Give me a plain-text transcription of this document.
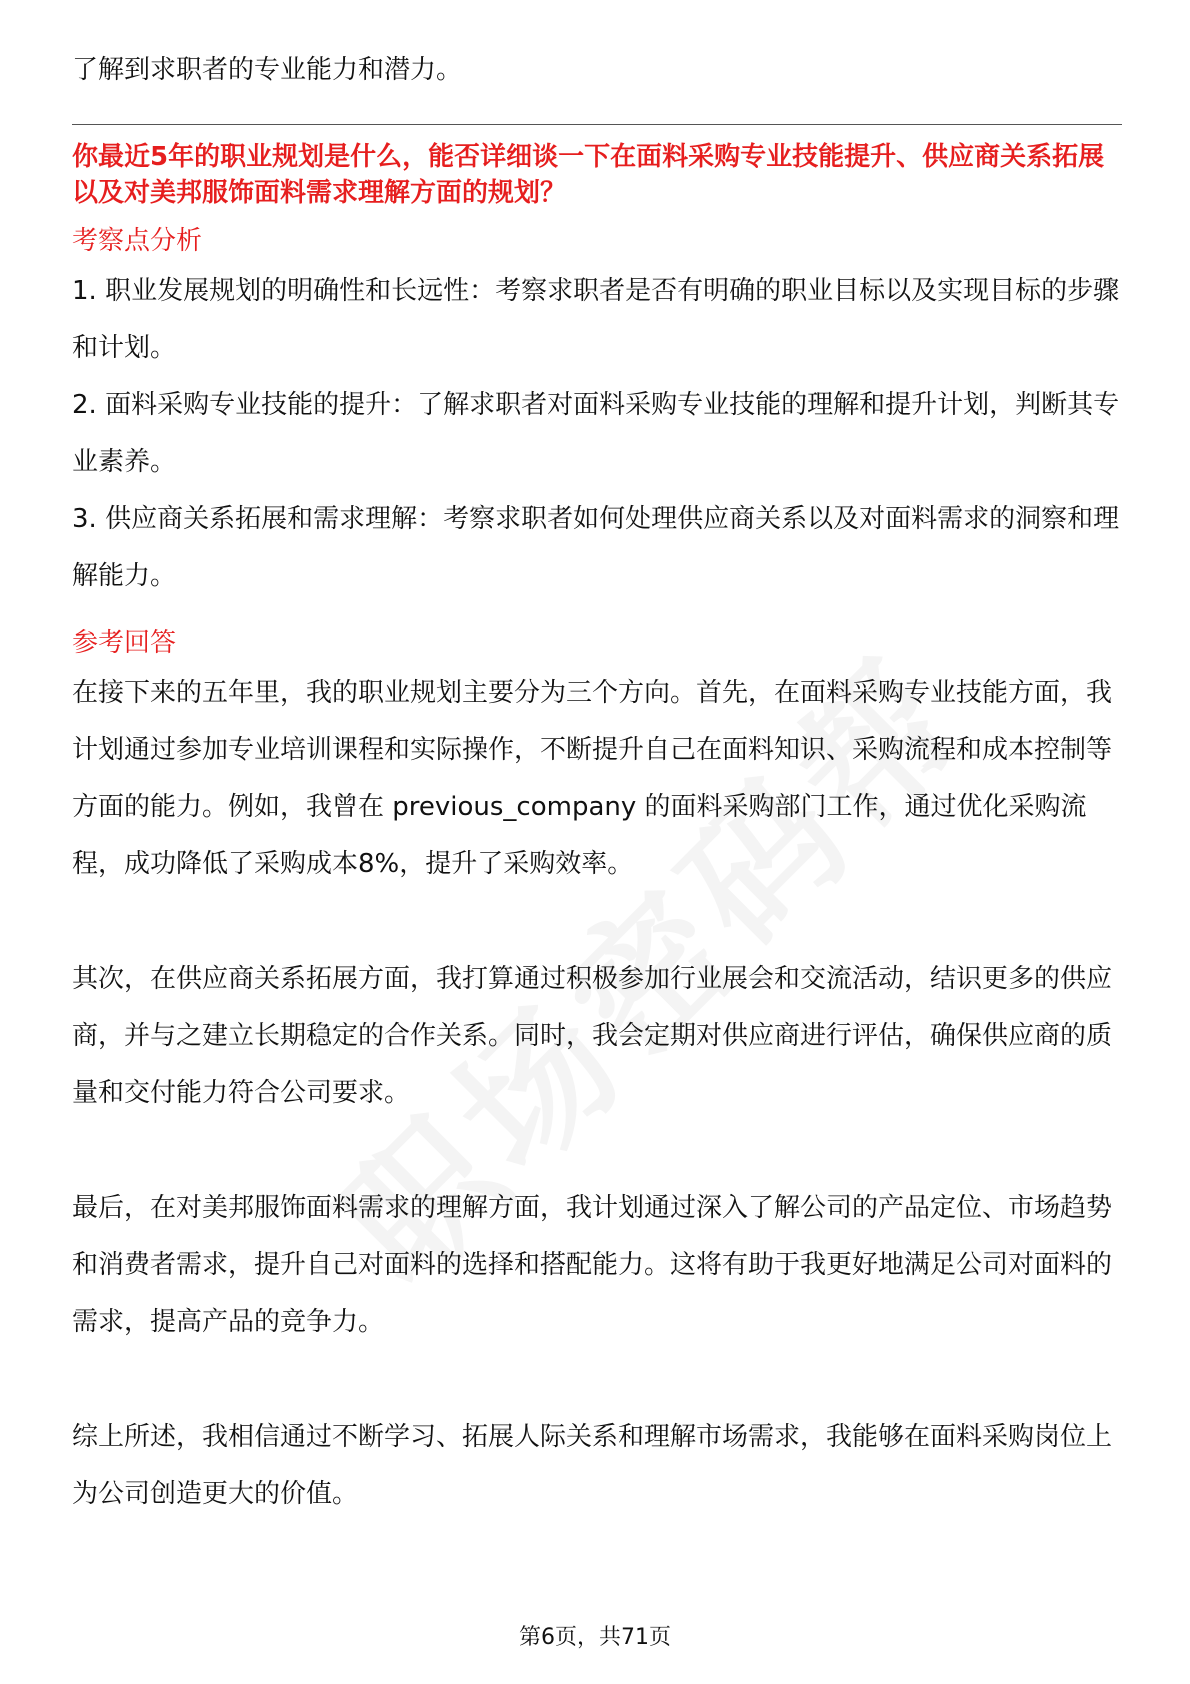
了解到求职者的专业能力和潜力。

你最近5年的职业规划是什么，能否详细谈一下在面料采购专业技能提升、供应商关系拓展以及对美邦服饰面料需求理解方面的规划？

考察点分析

1. 职业发展规划的明确性和长远性：考察求职者是否有明确的职业目标以及实现目标的步骤和计划。

2. 面料采购专业技能的提升：了解求职者对面料采购专业技能的理解和提升计划，判断其专业素养。

3. 供应商关系拓展和需求理解：考察求职者如何处理供应商关系以及对面料需求的洞察和理解能力。

参考回答

在接下来的五年里，我的职业规划主要分为三个方向。首先，在面料采购专业技能方面，我计划通过参加专业培训课程和实际操作，不断提升自己在面料知识、采购流程和成本控制等方面的能力。例如，我曾在 previous_company 的面料采购部门工作，通过优化采购流程，成功降低了采购成本8%，提升了采购效率。

其次，在供应商关系拓展方面，我打算通过积极参加行业展会和交流活动，结识更多的供应商，并与之建立长期稳定的合作关系。同时，我会定期对供应商进行评估，确保供应商的质量和交付能力符合公司要求。

最后，在对美邦服饰面料需求的理解方面，我计划通过深入了解公司的产品定位、市场趋势和消费者需求，提升自己对面料的选择和搭配能力。这将有助于我更好地满足公司对面料的需求，提高产品的竞争力。

综上所述，我相信通过不断学习、拓展人际关系和理解市场需求，我能够在面料采购岗位上为公司创造更大的价值。

第6页，共71页
